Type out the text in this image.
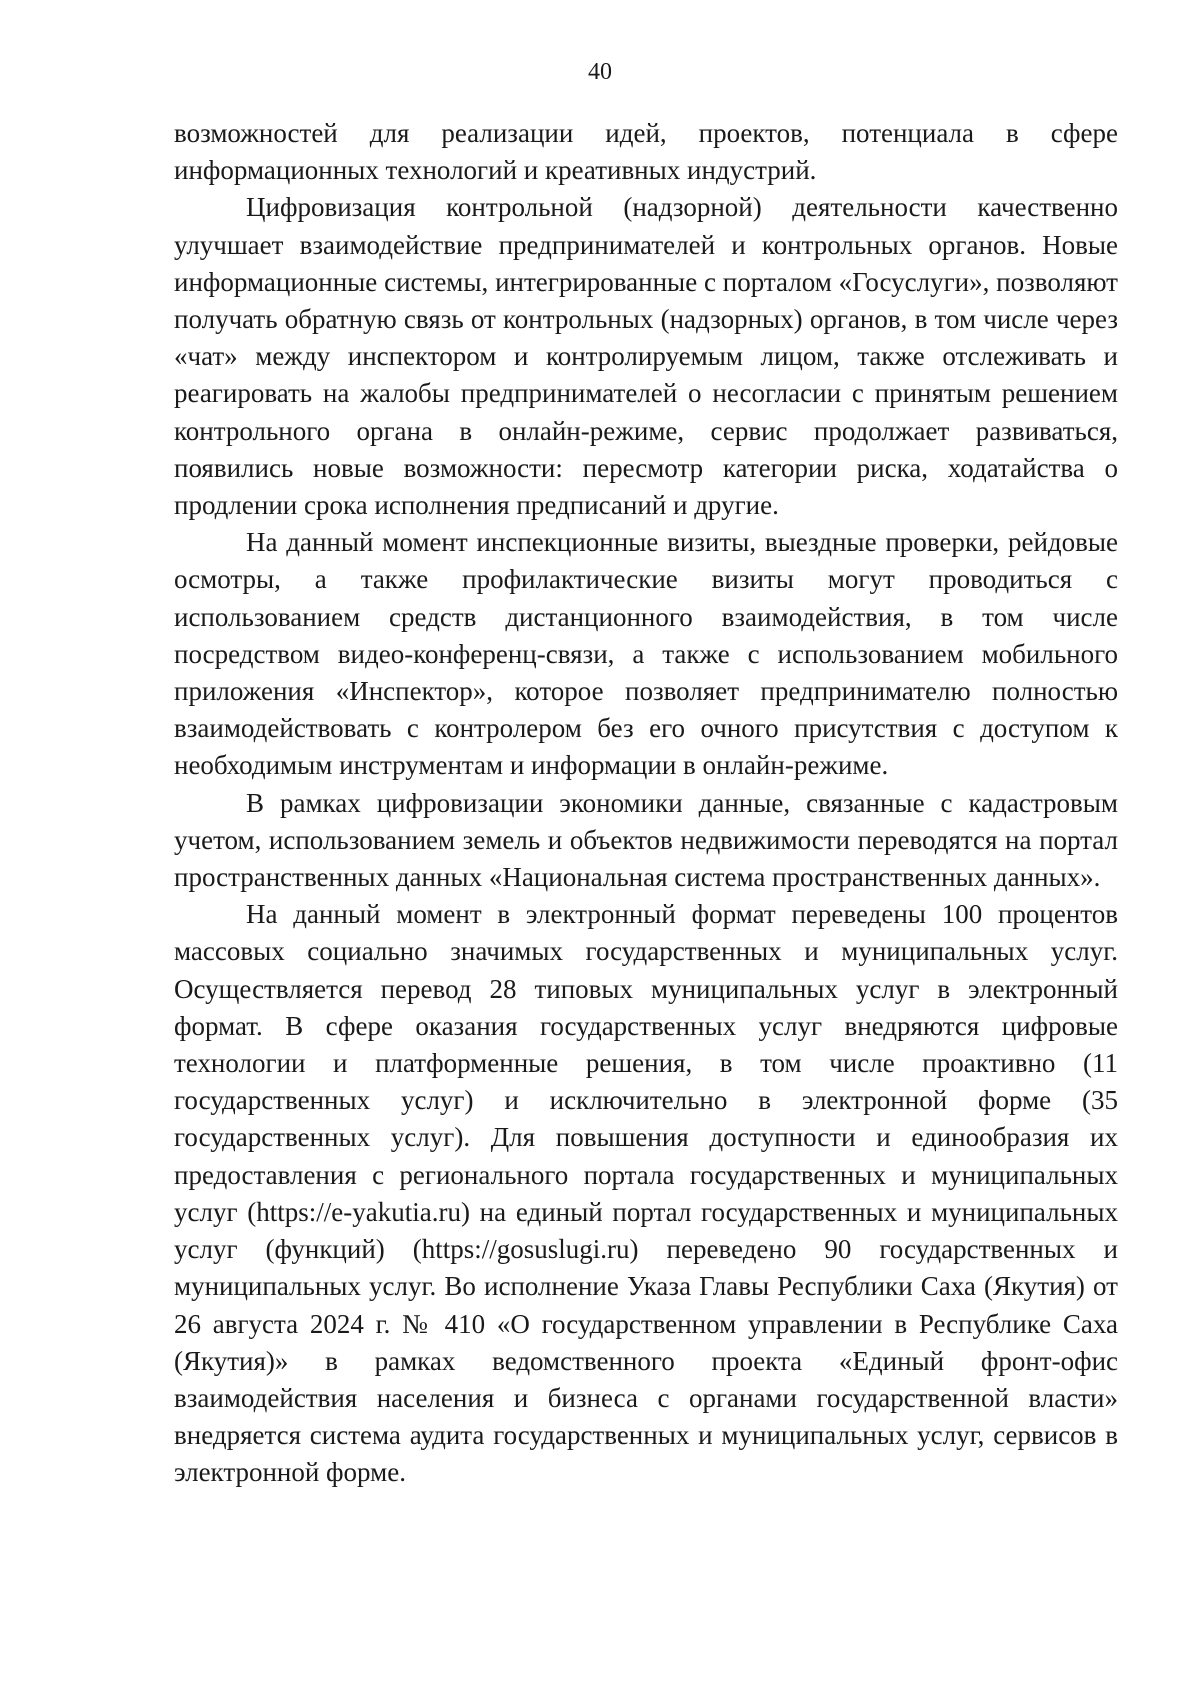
40

возможностей для реализации идей, проектов, потенциала в сфере информационных технологий и креативных индустрий.

Цифровизация контрольной (надзорной) деятельности качественно улучшает взаимодействие предпринимателей и контрольных органов. Новые информационные системы, интегрированные с порталом «Госуслуги», позволяют получать обратную связь от контрольных (надзорных) органов, в том числе через «чат» между инспектором и контролируемым лицом, также отслеживать и реагировать на жалобы предпринимателей о несогласии с принятым решением контрольного органа в онлайн-режиме, сервис продолжает развиваться, появились новые возможности: пересмотр категории риска, ходатайства о продлении срока исполнения предписаний и другие.

На данный момент инспекционные визиты, выездные проверки, рейдовые осмотры, а также профилактические визиты могут проводиться с использованием средств дистанционного взаимодействия, в том числе посредством видео-конференц-связи, а также с использованием мобильного приложения «Инспектор», которое позволяет предпринимателю полностью взаимодействовать с контролером без его очного присутствия с доступом к необходимым инструментам и информации в онлайн-режиме.

В рамках цифровизации экономики данные, связанные с кадастровым учетом, использованием земель и объектов недвижимости переводятся на портал пространственных данных «Национальная система пространственных данных».

На данный момент в электронный формат переведены 100 процентов массовых социально значимых государственных и муниципальных услуг. Осуществляется перевод 28 типовых муниципальных услуг в электронный формат. В сфере оказания государственных услуг внедряются цифровые технологии и платформенные решения, в том числе проактивно (11 государственных услуг) и исключительно в электронной форме (35 государственных услуг). Для повышения доступности и единообразия их предоставления с регионального портала государственных и муниципальных услуг (https://e-yakutia.ru) на единый портал государственных и муниципальных услуг (функций) (https://gosuslugi.ru) переведено 90 государственных и муниципальных услуг. Во исполнение Указа Главы Республики Саха (Якутия) от 26 августа 2024 г. № 410 «О государственном управлении в Республике Саха (Якутия)» в рамках ведомственного проекта «Единый фронт-офис взаимодействия населения и бизнеса с органами государственной власти» внедряется система аудита государственных и муниципальных услуг, сервисов в электронной форме.
